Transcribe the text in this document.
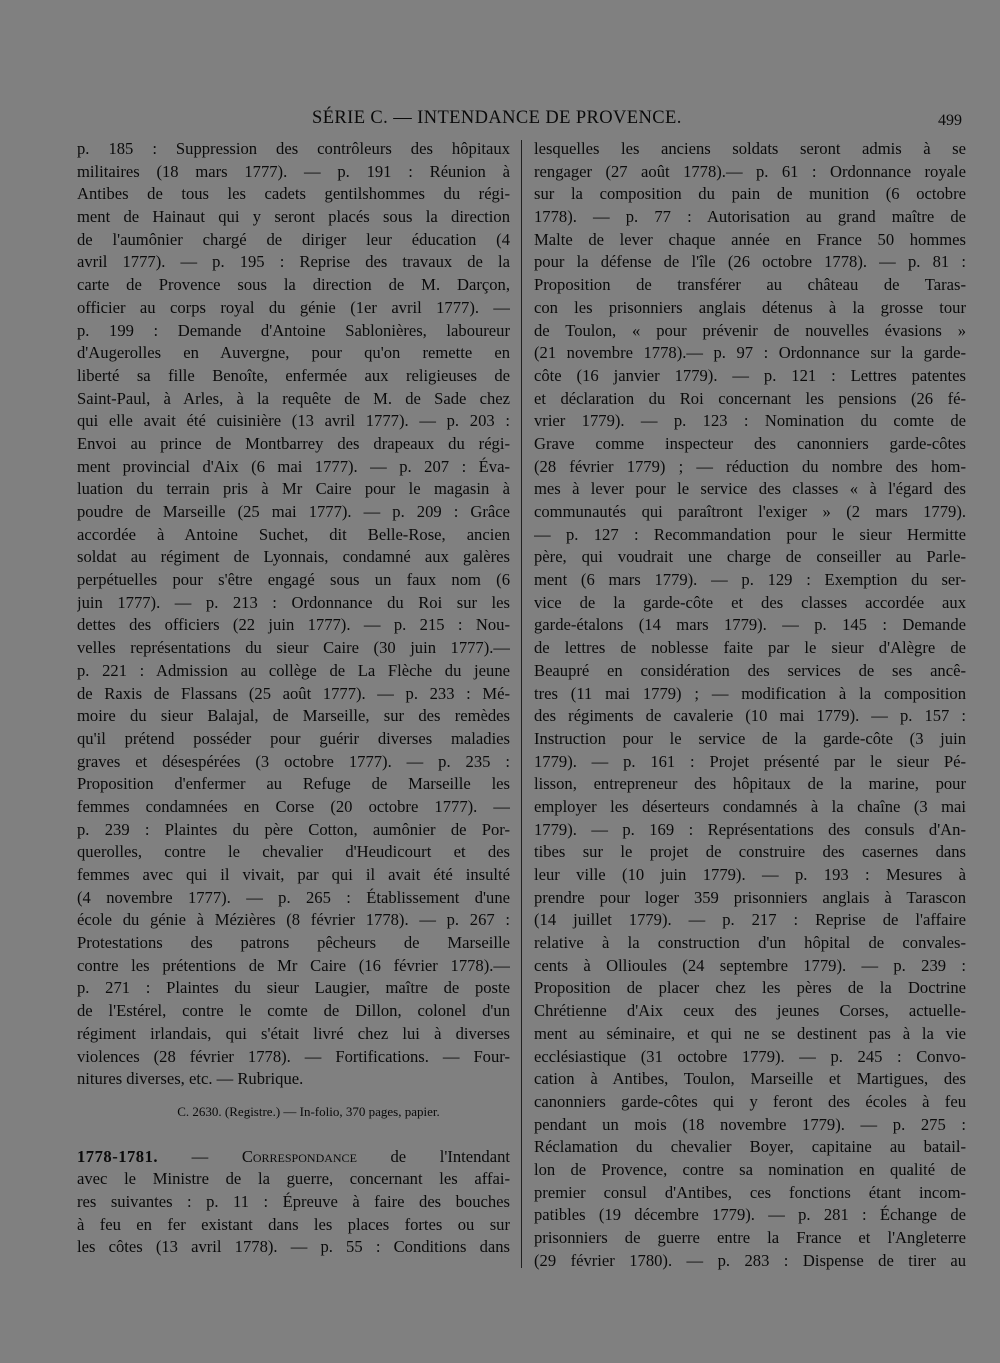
SÉRIE C. — INTENDANCE DE PROVENCE.	499
p. 185 : Suppression des contrôleurs des hôpitaux
militaires (18 mars 1777). — p. 191 : Réunion à
Antibes de tous les cadets gentilshommes du régi-
ment de Hainaut qui y seront placés sous la direction
de l'aumônier chargé de diriger leur éducation (4
avril 1777). — p. 195 : Reprise des travaux de la
carte de Provence sous la direction de M. Darçon,
officier au corps royal du génie (1er avril 1777). —
p. 199 : Demande d'Antoine Sablonières, laboureur
d'Augerolles en Auvergne, pour qu'on remette en
liberté sa fille Benoîte, enfermée aux religieuses de
Saint-Paul, à Arles, à la requête de M. de Sade chez
qui elle avait été cuisinière (13 avril 1777). — p. 203 :
Envoi au prince de Montbarrey des drapeaux du régi-
ment provincial d'Aix (6 mai 1777). — p. 207 : Éva-
luation du terrain pris à Mr Caire pour le magasin à
poudre de Marseille (25 mai 1777). — p. 209 : Grâce
accordée à Antoine Suchet, dit Belle-Rose, ancien
soldat au régiment de Lyonnais, condamné aux galères
perpétuelles pour s'être engagé sous un faux nom (6
juin 1777). — p. 213 : Ordonnance du Roi sur les
dettes des officiers (22 juin 1777). — p. 215 : Nou-
velles représentations du sieur Caire (30 juin 1777).—
p. 221 : Admission au collège de La Flèche du jeune
de Raxis de Flassans (25 août 1777). — p. 233 : Mé-
moire du sieur Balajal, de Marseille, sur des remèdes
qu'il prétend posséder pour guérir diverses maladies
graves et désespérées (3 octobre 1777). — p. 235 :
Proposition d'enfermer au Refuge de Marseille les
femmes condamnées en Corse (20 octobre 1777). —
p. 239 : Plaintes du père Cotton, aumônier de Por-
querolles, contre le chevalier d'Heudicourt et des
femmes avec qui il vivait, par qui il avait été insulté
(4 novembre 1777). — p. 265 : Établissement d'une
école du génie à Mézières (8 février 1778). — p. 267 :
Protestations des patrons pêcheurs de Marseille
contre les prétentions de Mr Caire (16 février 1778).—
p. 271 : Plaintes du sieur Laugier, maître de poste
de l'Estérel, contre le comte de Dillon, colonel d'un
régiment irlandais, qui s'était livré chez lui à diverses
violences (28 février 1778). — Fortifications. — Four-
nitures diverses, etc. — Rubrique.
C. 2630. (Registre.) — In-folio, 370 pages, papier.
1778-1781. — Correspondance de l'Intendant
avec le Ministre de la guerre, concernant les affai-
res suivantes : p. 11 : Épreuve à faire des bouches
à feu en fer existant dans les places fortes ou sur
les côtes (13 avril 1778). — p. 55 : Conditions dans
lesquelles les anciens soldats seront admis à se
rengager (27 août 1778).— p. 61 : Ordonnance royale
sur la composition du pain de munition (6 octobre
1778). — p. 77 : Autorisation au grand maître de
Malte de lever chaque année en France 50 hommes
pour la défense de l'île (26 octobre 1778). — p. 81 :
Proposition de transférer au château de Taras-
con les prisonniers anglais détenus à la grosse tour
de Toulon, « pour prévenir de nouvelles évasions »
(21 novembre 1778).— p. 97 : Ordonnance sur la garde-
côte (16 janvier 1779). — p. 121 : Lettres patentes
et déclaration du Roi concernant les pensions (26 fé-
vrier 1779). — p. 123 : Nomination du comte de
Grave comme inspecteur des canonniers garde-côtes
(28 février 1779) ; — réduction du nombre des hom-
mes à lever pour le service des classes « à l'égard des
communautés qui paraîtront l'exiger » (2 mars 1779).
— p. 127 : Recommandation pour le sieur Hermitte
père, qui voudrait une charge de conseiller au Parle-
ment (6 mars 1779). — p. 129 : Exemption du ser-
vice de la garde-côte et des classes accordée aux
garde-étalons (14 mars 1779). — p. 145 : Demande
de lettres de noblesse faite par le sieur d'Alègre de
Beaupré en considération des services de ses ancê-
tres (11 mai 1779) ; — modification à la composition
des régiments de cavalerie (10 mai 1779). — p. 157 :
Instruction pour le service de la garde-côte (3 juin
1779). — p. 161 : Projet présenté par le sieur Pé-
lisson, entrepreneur des hôpitaux de la marine, pour
employer les déserteurs condamnés à la chaîne (3 mai
1779). — p. 169 : Représentations des consuls d'An-
tibes sur le projet de construire des casernes dans
leur ville (10 juin 1779). — p. 193 : Mesures à
prendre pour loger 359 prisonniers anglais à Tarascon
(14 juillet 1779). — p. 217 : Reprise de l'affaire
relative à la construction d'un hôpital de convales-
cents à Ollioules (24 septembre 1779). — p. 239 :
Proposition de placer chez les pères de la Doctrine
Chrétienne d'Aix ceux des jeunes Corses, actuelle-
ment au séminaire, et qui ne se destinent pas à la vie
ecclésiastique (31 octobre 1779). — p. 245 : Convo-
cation à Antibes, Toulon, Marseille et Martigues, des
canonniers garde-côtes qui y feront des écoles à feu
pendant un mois (18 novembre 1779). — p. 275 :
Réclamation du chevalier Boyer, capitaine au batail-
lon de Provence, contre sa nomination en qualité de
premier consul d'Antibes, ces fonctions étant incom-
patibles (19 décembre 1779). — p. 281 : Échange de
prisonniers de guerre entre la France et l'Angleterre
(29 février 1780). — p. 283 : Dispense de tirer au
